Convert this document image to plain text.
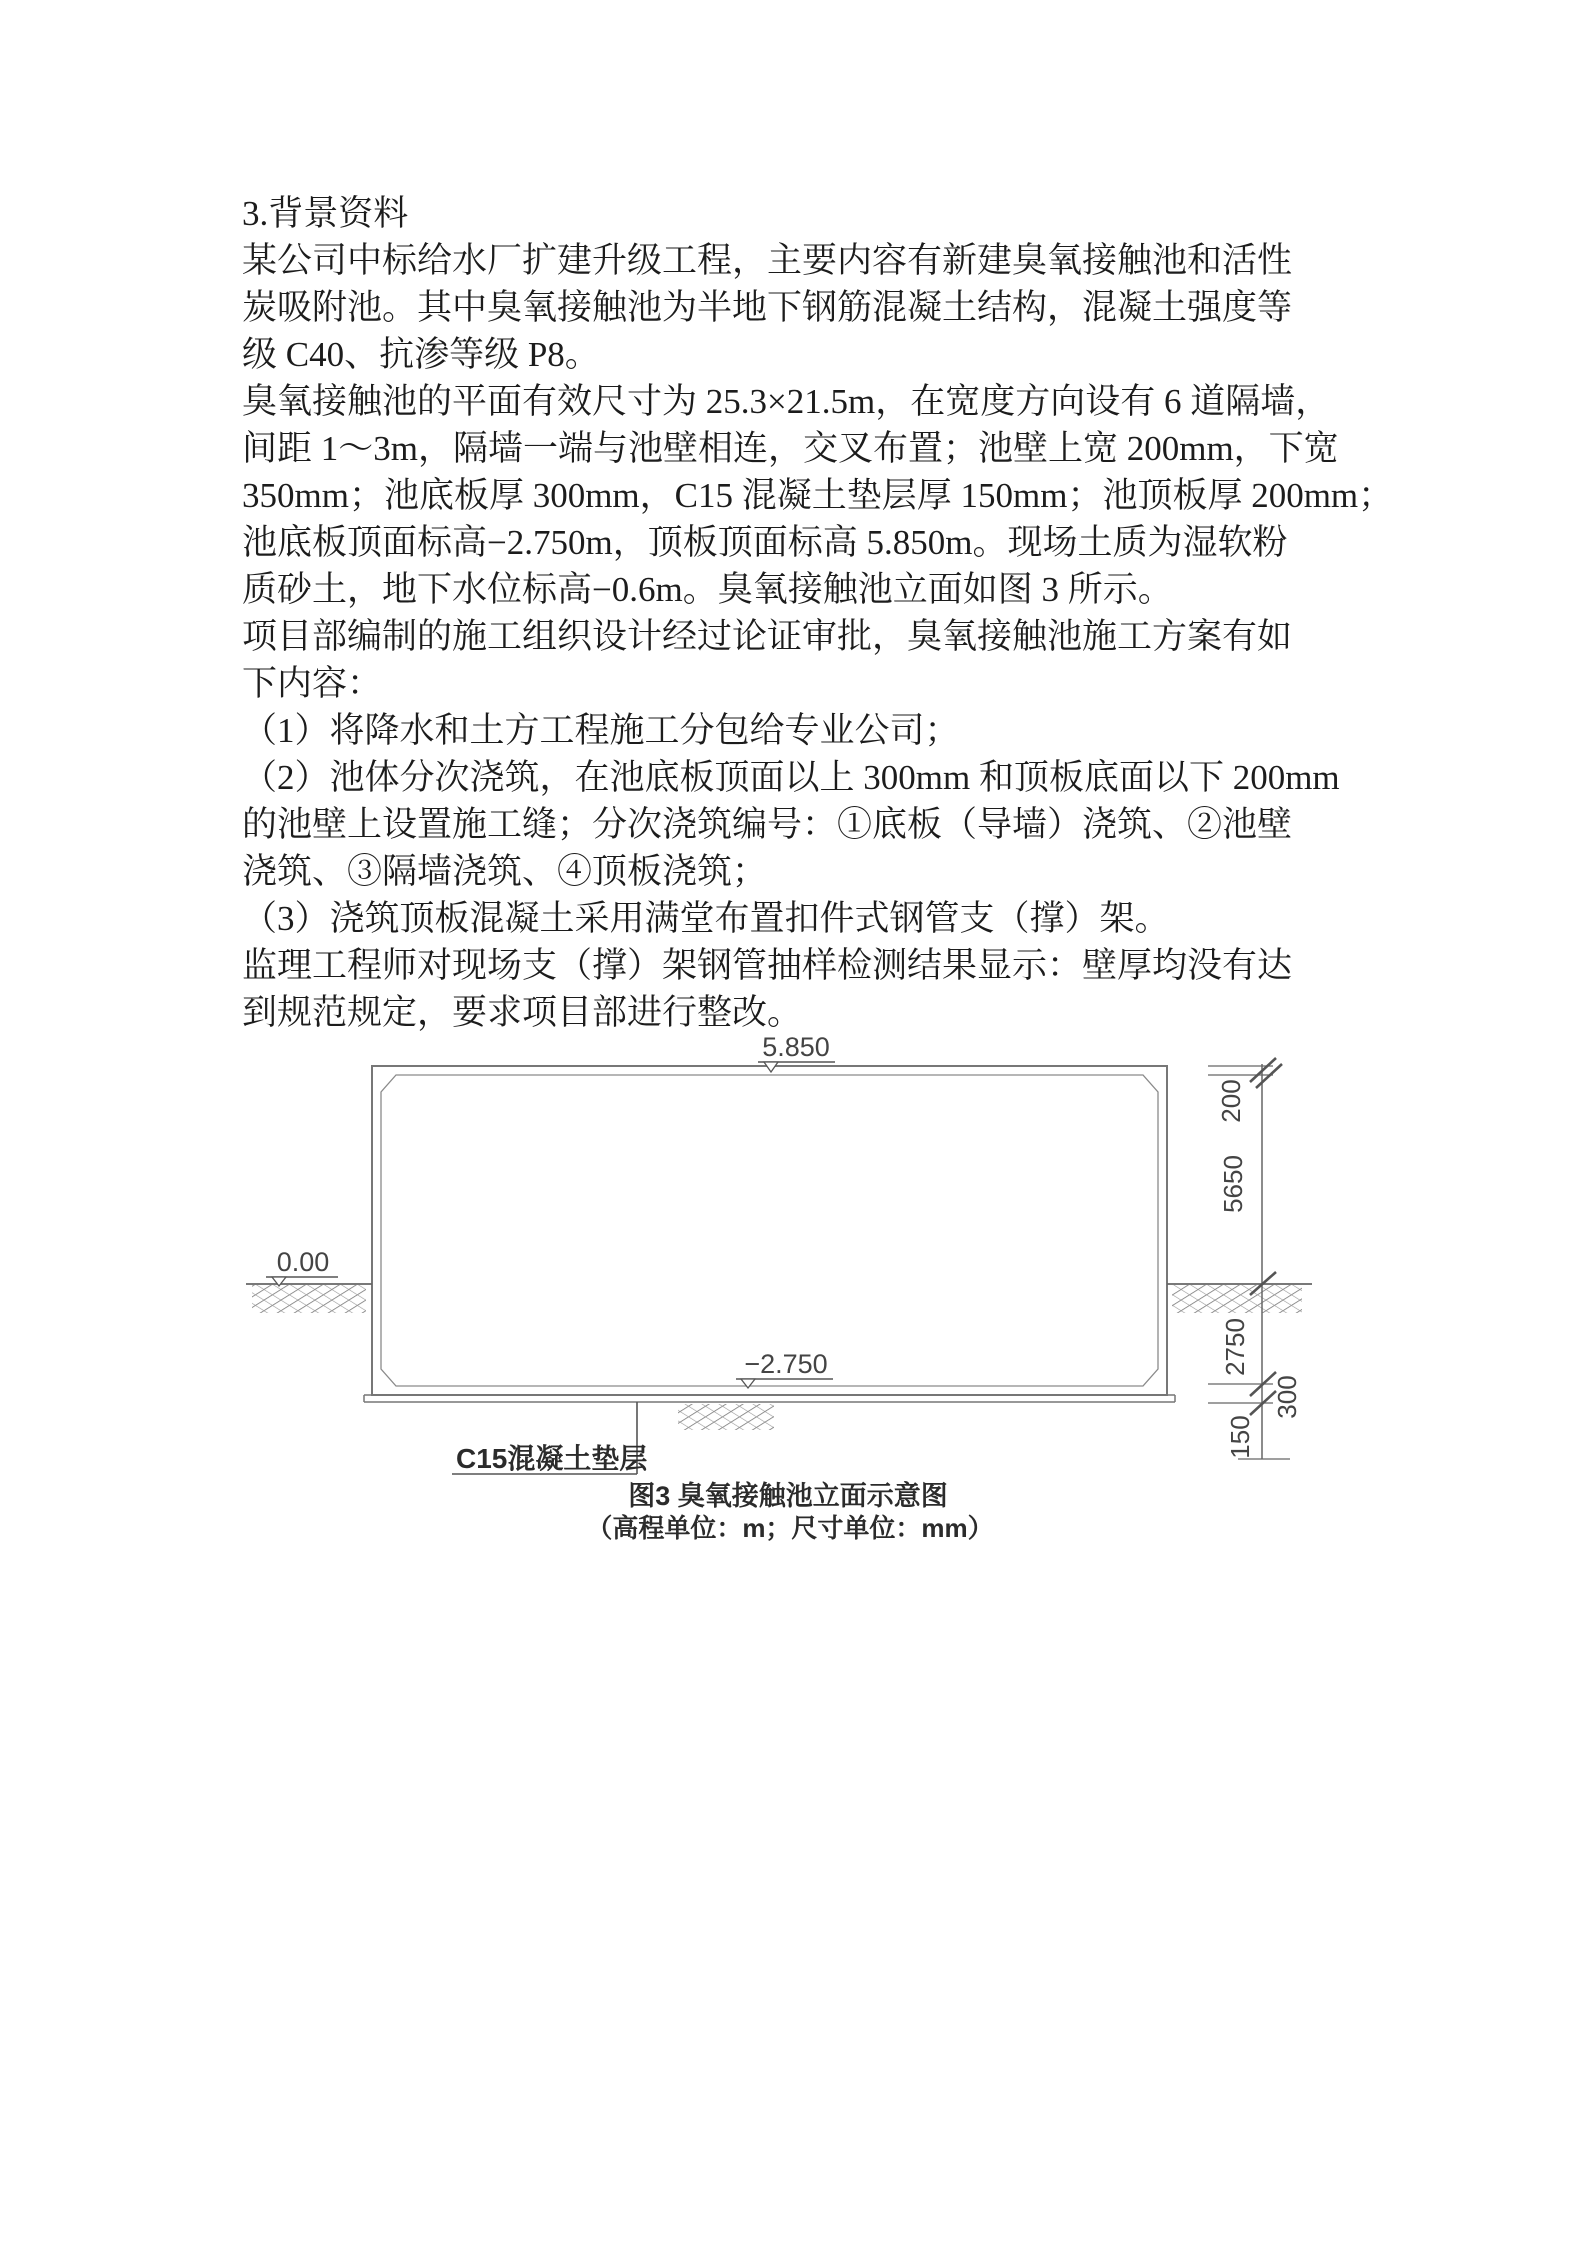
3.背景资料
某公司中标给水厂扩建升级工程，主要内容有新建臭氧接触池和活性
炭吸附池。其中臭氧接触池为半地下钢筋混凝土结构，混凝土强度等
级 C40、抗渗等级 P8。
臭氧接触池的平面有效尺寸为 25.3×21.5m，在宽度方向设有 6 道隔墙，
间距 1～3m，隔墙一端与池壁相连，交叉布置；池壁上宽 200mm，下宽
350mm；池底板厚 300mm，C15 混凝土垫层厚 150mm；池顶板厚 200mm；
池底板顶面标高−2.750m，顶板顶面标高 5.850m。现场土质为湿软粉
质砂土，地下水位标高−0.6m。臭氧接触池立面如图 3 所示。
项目部编制的施工组织设计经过论证审批，臭氧接触池施工方案有如
下内容：
（1）将降水和土方工程施工分包给专业公司；
（2）池体分次浇筑，在池底板顶面以上 300mm 和顶板底面以下 200mm
的池壁上设置施工缝；分次浇筑编号：①底板（导墙）浇筑、②池壁
浇筑、③隔墙浇筑、④顶板浇筑；
（3）浇筑顶板混凝土采用满堂布置扣件式钢管支（撑）架。
监理工程师对现场支（撑）架钢管抽样检测结果显示：壁厚均没有达
到规范规定，要求项目部进行整改。
5.850
0.00
−2.750
200
5650
2750
300
150
C15混凝土垫层
图3 臭氧接触池立面示意图
（高程单位：m；尺寸单位：mm）
